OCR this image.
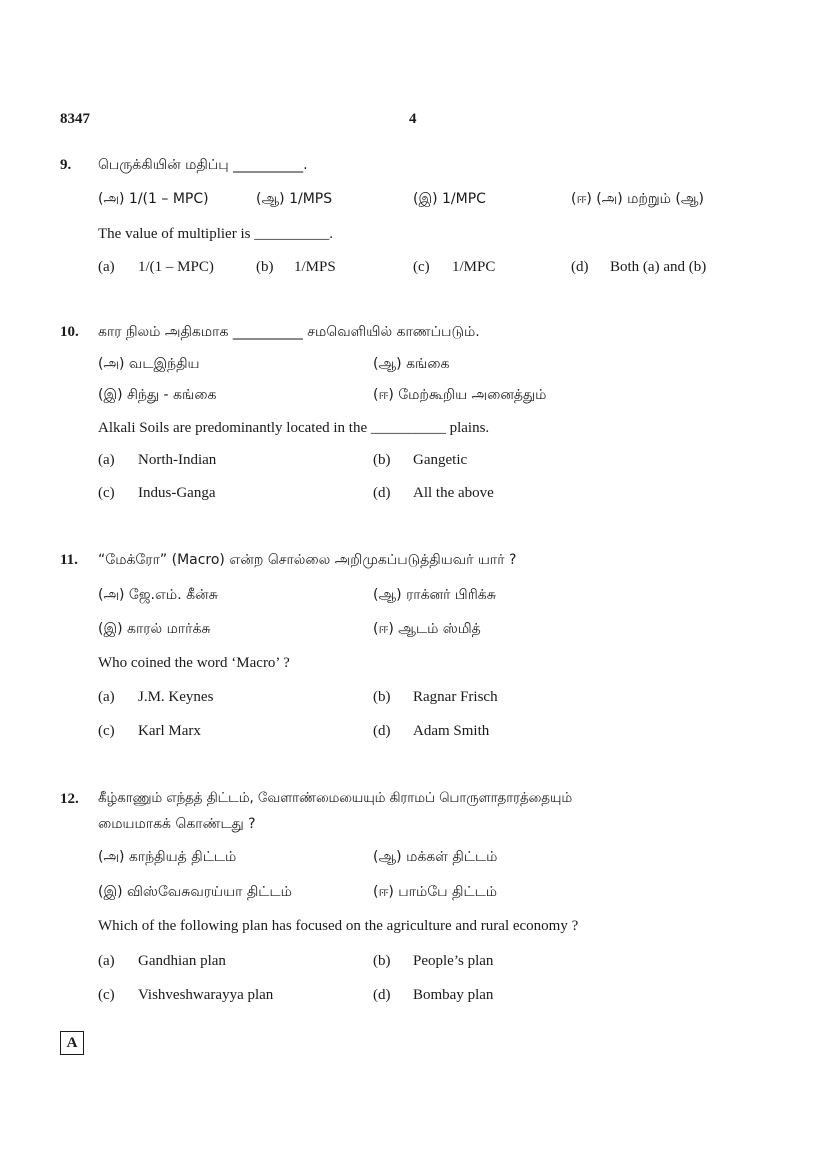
8347	4
9. பெருக்கியின் மதிப்பு __________.
(அ) 1/(1 – MPC)	(ஆ) 1/MPS	(இ) 1/MPC	(ஈ) (அ) மற்றும் (ஆ)
The value of multiplier is __________.
(a) 1/(1 – MPC)	(b) 1/MPS	(c) 1/MPC	(d) Both (a) and (b)
10. கார நிலம் அதிகமாக __________ சமவெளியில் காணப்படும்.
(அ) வடஇந்திய	(ஆ) கங்கை
(இ) சிந்து - கங்கை	(ஈ) மேற்கூறிய அனைத்தும்
Alkali Soils are predominantly located in the __________ plains.
(a) North-Indian	(b) Gangetic
(c) Indus-Ganga	(d) All the above
11. “மேக்ரோ” (Macro) என்ற சொல்லை அறிமுகப்படுத்தியவர் யார் ?
(அ) ஜே.எம். கீன்சு	(ஆ) ராக்னர் பிரிக்சு
(இ) காரல் மார்க்சு	(ஈ) ஆடம் ஸ்மித்
Who coined the word ‘Macro’ ?
(a) J.M. Keynes	(b) Ragnar Frisch
(c) Karl Marx	(d) Adam Smith
12. கீழ்காணும் எந்தத் திட்டம், வேளாண்மையையும் கிராமப் பொருளாதாரத்தையும்
மையமாகக் கொண்டது ?
(அ) காந்தியத் திட்டம்	(ஆ) மக்கள் திட்டம்
(இ) விஸ்வேசுவரய்யா திட்டம்	(ஈ) பாம்பே திட்டம்
Which of the following plan has focused on the agriculture and rural economy ?
(a) Gandhian plan	(b) People’s plan
(c) Vishveshwarayya plan	(d) Bombay plan
A
